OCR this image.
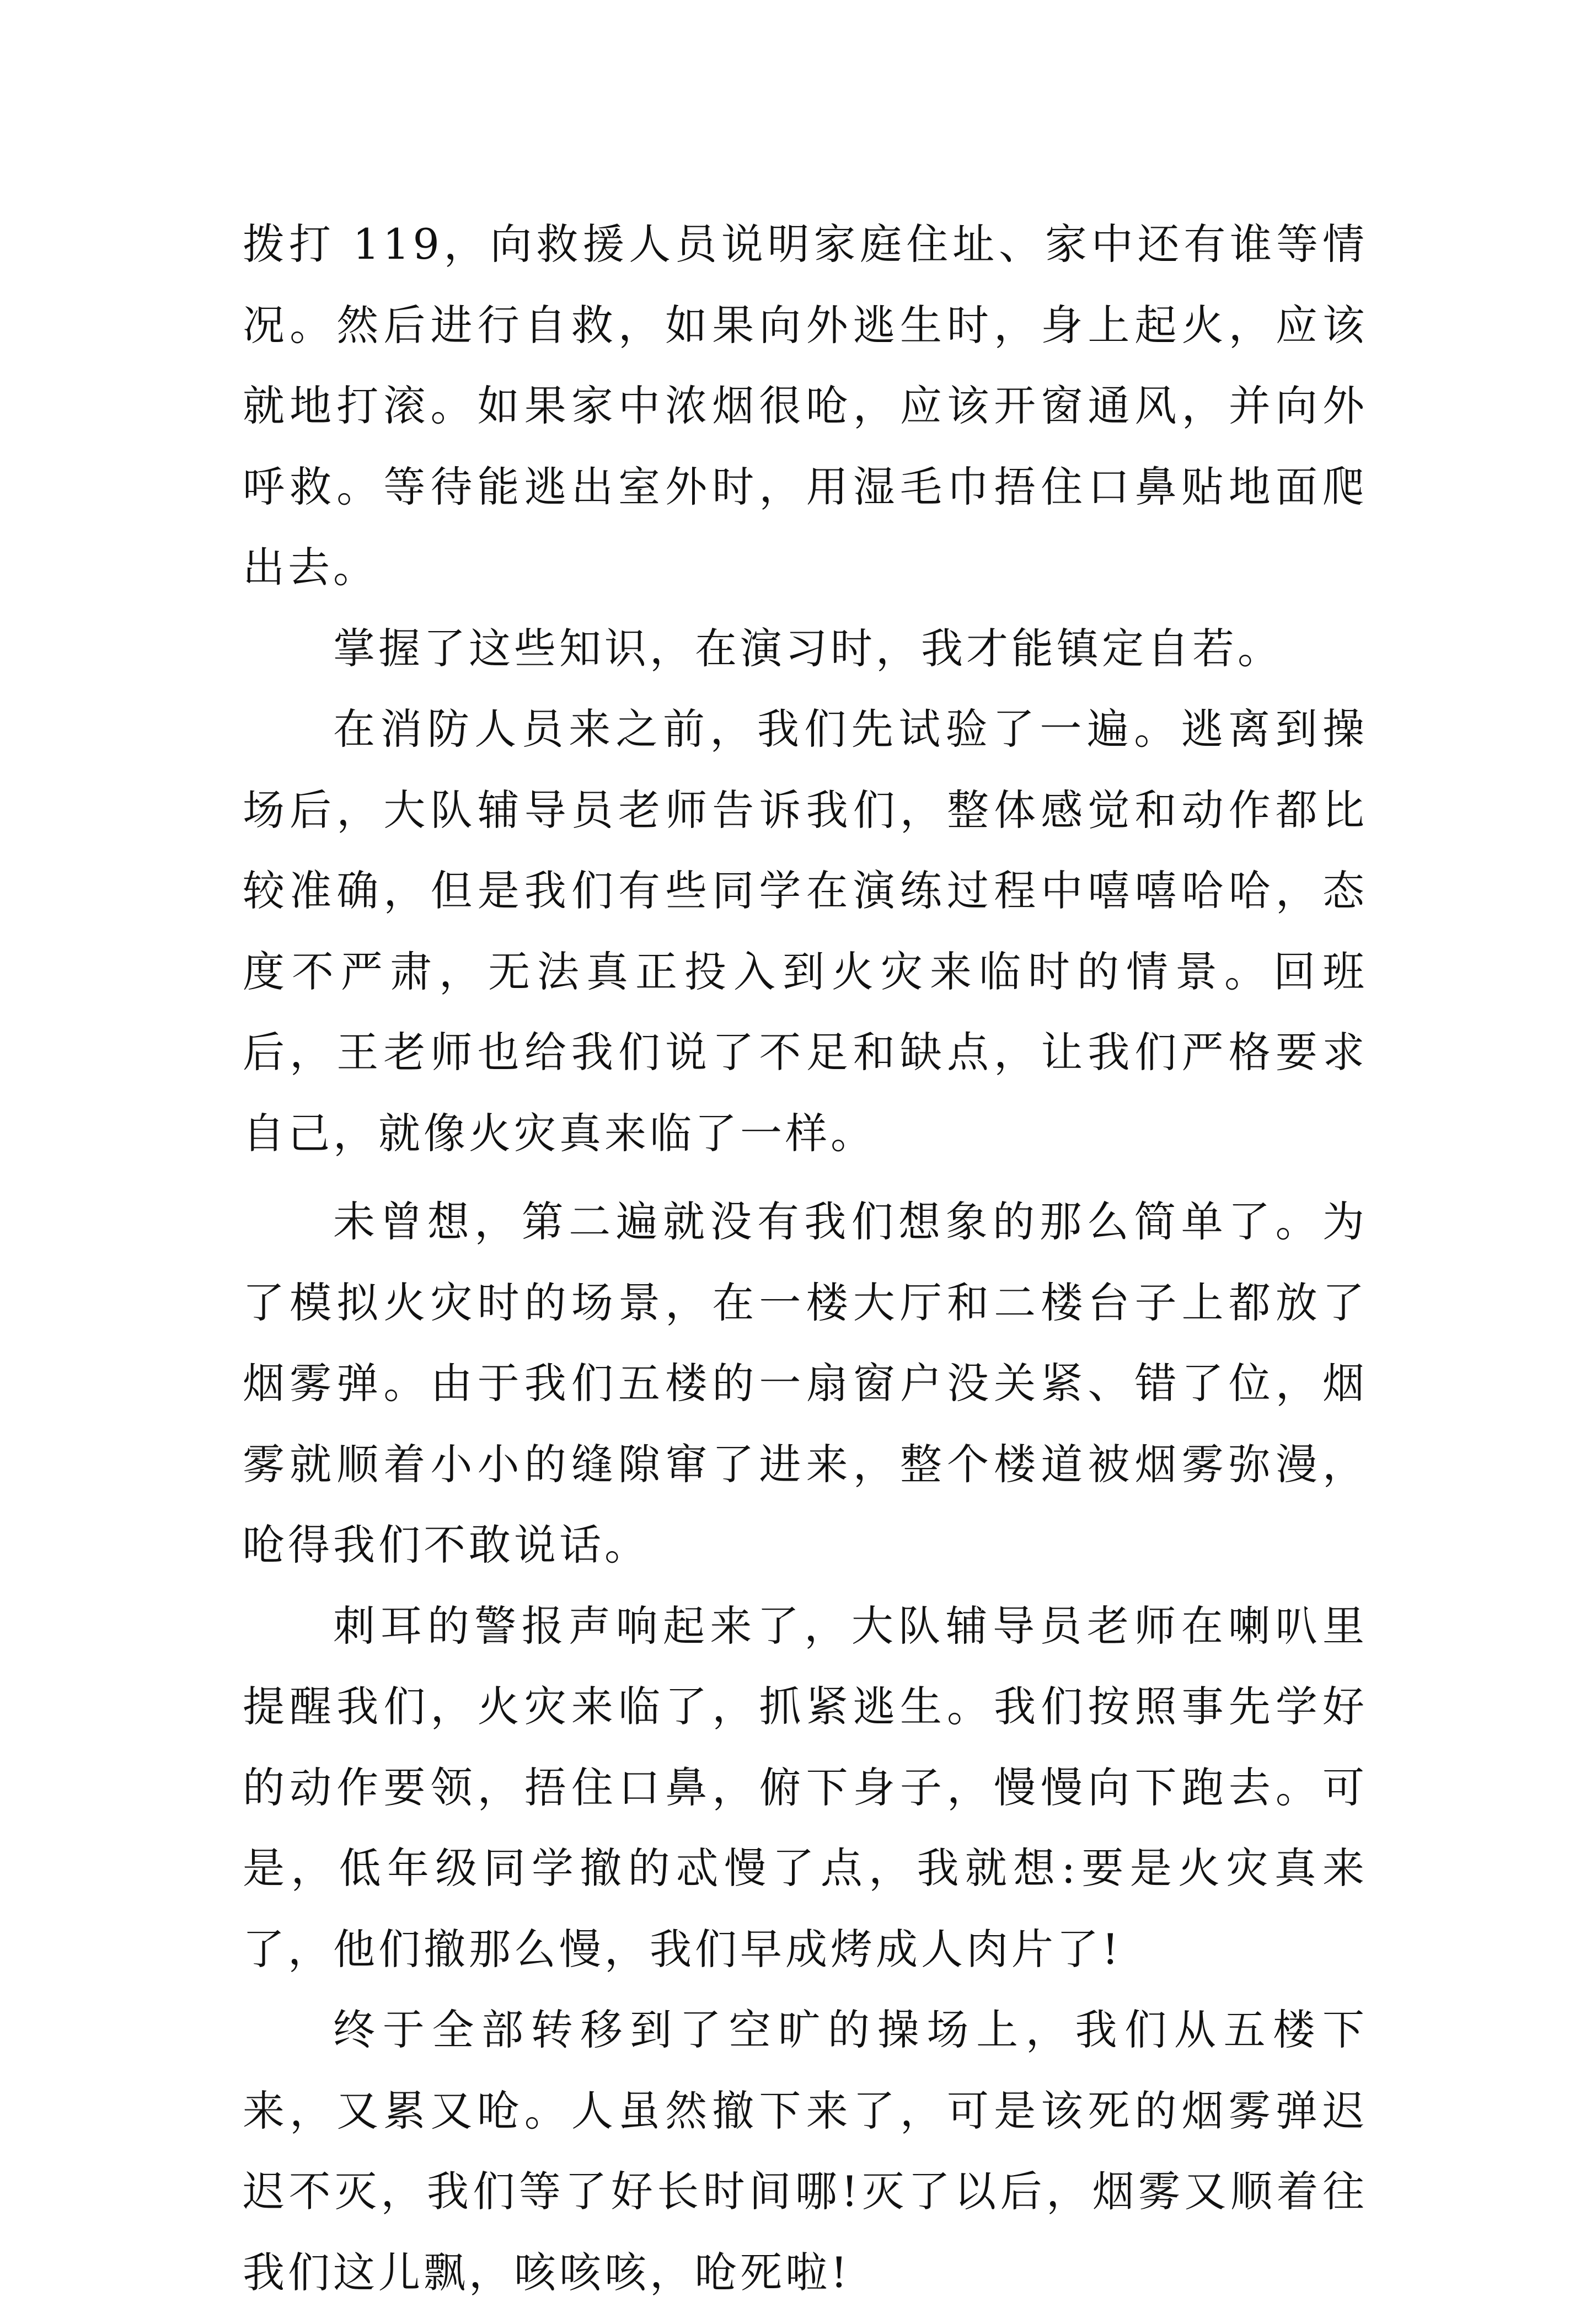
拨打 119，向救援人员说明家庭住址、家中还有谁等情况。然后进行自救，如果向外逃生时，身上起火，应该就地打滚。如果家中浓烟很呛，应该开窗通风，并向外呼救。等待能逃出室外时，用湿毛巾捂住口鼻贴地面爬出去。

掌握了这些知识，在演习时，我才能镇定自若。

在消防人员来之前，我们先试验了一遍。逃离到操场后，大队辅导员老师告诉我们，整体感觉和动作都比较准确，但是我们有些同学在演练过程中嘻嘻哈哈，态度不严肃，无法真正投入到火灾来临时的情景。回班后，王老师也给我们说了不足和缺点，让我们严格要求自己，就像火灾真来临了一样。

未曾想，第二遍就没有我们想象的那么简单了。为了模拟火灾时的场景，在一楼大厅和二楼台子上都放了烟雾弹。由于我们五楼的一扇窗户没关紧、错了位，烟雾就顺着小小的缝隙窜了进来，整个楼道被烟雾弥漫，呛得我们不敢说话。

刺耳的警报声响起来了，大队辅导员老师在喇叭里提醒我们，火灾来临了，抓紧逃生。我们按照事先学好的动作要领，捂住口鼻，俯下身子，慢慢向下跑去。可是，低年级同学撤的忒慢了点，我就想:要是火灾真来了，他们撤那么慢，我们早成烤成人肉片了!

终于全部转移到了空旷的操场上，我们从五楼下来，又累又呛。人虽然撤下来了，可是该死的烟雾弹迟迟不灭，我们等了好长时间哪!灭了以后，烟雾又顺着往我们这儿飘，咳咳咳，呛死啦!
